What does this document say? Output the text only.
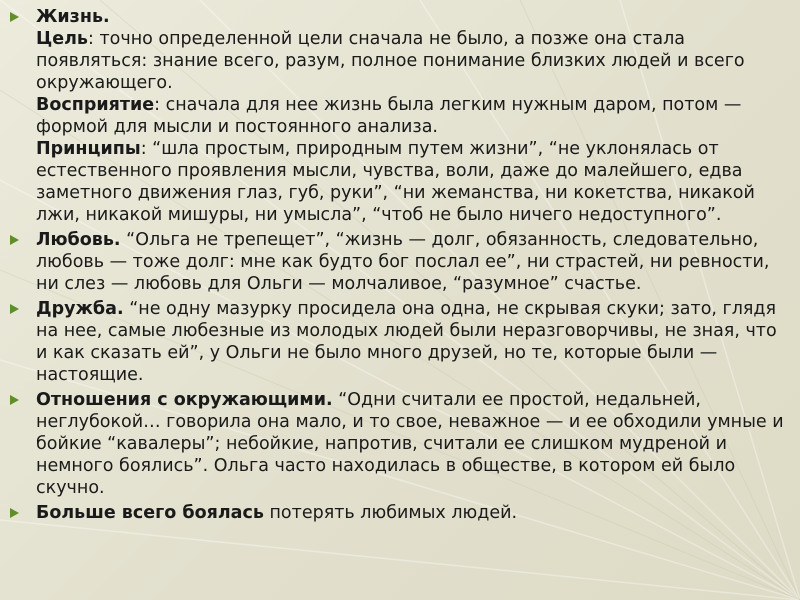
Жизнь.
Цель: точно определенной цели сначала не было, а позже она стала появляться: знание всего, разум, полное понимание близких людей и всего окружающего.
Восприятие: сначала для нее жизнь была легким нужным даром, потом — формой для мысли и постоянного анализа.
Принципы: “шла простым, природным путем жизни”, “не уклонялась от естественного проявления мысли, чувства, воли, даже до малейшего, едва заметного движения глаз, губ, руки”, “ни жеманства, ни кокетства, никакой лжи, никакой мишуры, ни умысла”, “чтоб не было ничего недоступного”.
Любовь. “Ольга не трепещет”, “жизнь — долг, обязанность, следовательно, любовь — тоже долг: мне как будто бог послал ее”, ни страстей, ни ревности, ни слез — любовь для Ольги — молчаливое, “разумное” счастье.
Дружба. “не одну мазурку просидела она одна, не скрывая скуки; зато, глядя на нее, самые любезные из молодых людей были неразговорчивы, не зная, что и как сказать ей”, у Ольги не было много друзей, но те, которые были — настоящие.
Отношения с окружающими. “Одни считали ее простой, недальней, неглубокой… говорила она мало, и то свое, неважное — и ее обходили умные и бойкие “кавалеры”; небойкие, напротив, считали ее слишком мудреной и немного боялись”. Ольга часто находилась в обществе, в котором ей было скучно.
Больше всего боялась потерять любимых людей.
